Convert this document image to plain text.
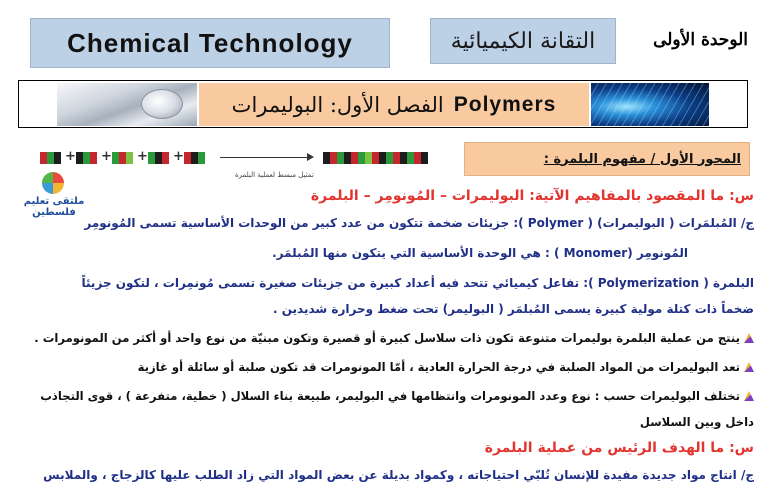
الوحدة الأولى
التقانة الكيميائية
Chemical Technology
الفصل الأول: البوليمرات Polymers
+ + + +
تمثيل مبسط لعملية البلمرة
ملتقى تعليم فلسطين
المحور الأول / مفهوم البلمرة :
س: ما المقصود بالمفاهيم الآتية: البوليمرات – المُونومِر – البلمرة
ج/ المُبلمَرات ( البوليمرات) ( Polymer ): جزيئات ضخمة تتكون من عدد كبير من الوحدات الأساسية تسمى المُونومِر
المُونومِر (Monomer ) : هي الوحدة الأساسية التي يتكون منها المُبلمَر.
البلمرة ( Polymerization ): تفاعل كيميائي تتحد فيه أعداد كبيرة من جزيئات صغيرة تسمى مُونمِرات ، لتكون جزيئاً
ضخماً ذات كتلة مولية كبيرة يسمى المُبلمَر ( البوليمر) تحت ضغط وحرارة شديدين .
ينتج من عملية البلمرة بوليمرات متنوعة تكون ذات سلاسل كبيرة أو قصيرة وتكون مبنيّة من نوع واحد أو أكثر من المونومرات .
تعد البوليمرات من المواد الصلبة في درجة الحرارة العادية ، أمّا المونومرات قد تكون صلبة أو سائلة أو غازية
تختلف البوليمرات حسب : نوع وعدد المونومرات وانتظامها في البوليمر، طبيعة بناء السلال ( خطية، متفرعة ) ، قوى التجاذب
داخل وبين السلاسل
س: ما الهدف الرئيس من عملية البلمرة
ج/ انتاج مواد جديدة مفيدة للإنسان تُلبّي احتياجاته ، وكمواد بديلة عن بعض المواد التي زاد الطلب عليها كالزجاج ، والملابس
